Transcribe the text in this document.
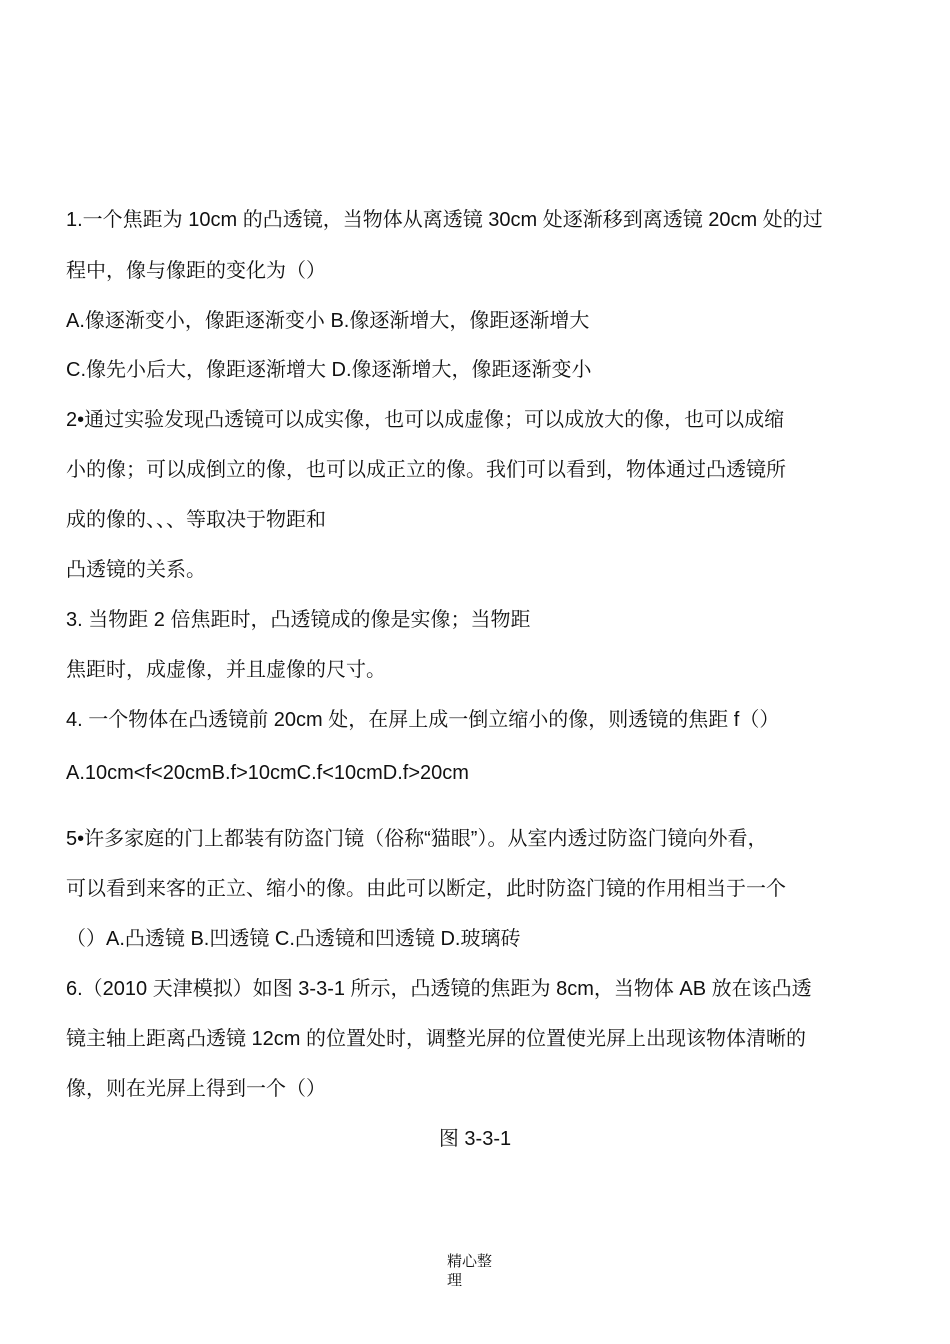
1.一个焦距为 10cm 的凸透镜，当物体从离透镜 30cm 处逐渐移到离透镜 20cm 处的过
程中，像与像距的变化为（）
A.像逐渐变小，像距逐渐变小 B.像逐渐增大，像距逐渐增大
C.像先小后大，像距逐渐增大 D.像逐渐增大，像距逐渐变小
2•通过实验发现凸透镜可以成实像，也可以成虚像；可以成放大的像，也可以成缩
小的像；可以成倒立的像，也可以成正立的像。我们可以看到，物体通过凸透镜所
成的像的、、、等取决于物距和
凸透镜的关系。
3. 当物距 2 倍焦距时，凸透镜成的像是实像；当物距
焦距时，成虚像，并且虚像的尺寸。
4. 一个物体在凸透镜前 20cm 处，在屏上成一倒立缩小的像，则透镜的焦距 f（）
A.10cm<f<20cmB.f>10cmC.f<10cmD.f>20cm
5•许多家庭的门上都装有防盗门镜（俗称“猫眼”）。从室内透过防盗门镜向外看，
可以看到来客的正立、缩小的像。由此可以断定，此时防盗门镜的作用相当于一个
（）A.凸透镜 B.凹透镜 C.凸透镜和凹透镜 D.玻璃砖
6.（2010 天津模拟）如图 3-3-1 所示，凸透镜的焦距为 8cm，当物体 AB 放在该凸透
镜主轴上距离凸透镜 12cm 的位置处时，调整光屏的位置使光屏上出现该物体清晰的
像，则在光屏上得到一个（）
图 3-3-1
精心整
理
